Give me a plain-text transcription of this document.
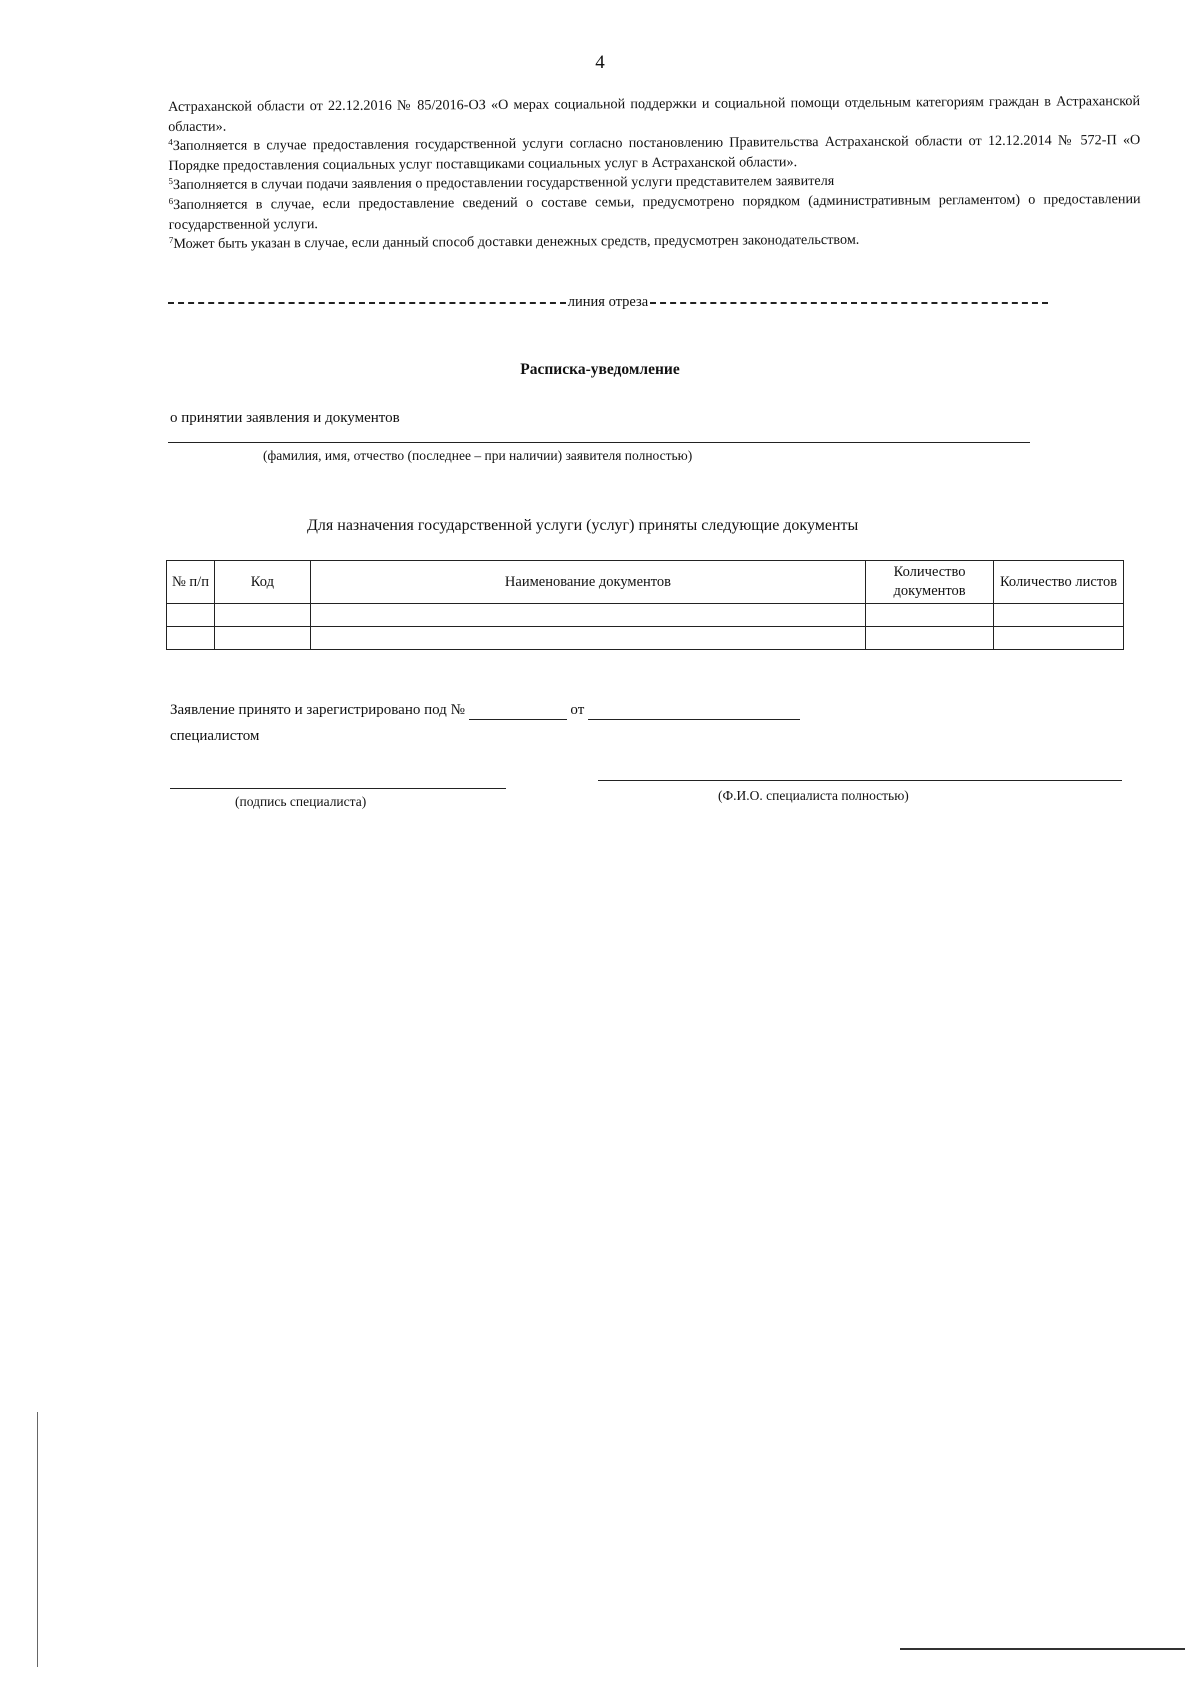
4

Астраханской области от 22.12.2016 № 85/2016-ОЗ «О мерах социальной поддержки и социальной помощи отдельным категориям граждан в Астраханской области».

$^4$Заполняется в случае предоставления государственной услуги согласно постановлению Правительства Астраханской области от 12.12.2014 № 572-П «О Порядке предоставления социальных услуг поставщиками социальных услуг в Астраханской области».

$^5$Заполняется в случаи подачи заявления о предоставлении государственной услуги представителем заявителя

$^6$Заполняется в случае, если предоставление сведений о составе семьи, предусмотрено порядком (административным регламентом) о предоставлении государственной услуги.

$^7$Может быть указан в случае, если данный способ доставки денежных средств, предусмотрен законодательством.

линия отреза
Расписка-уведомление
о принятии заявления и документов
(фамилия, имя, отчество (последнее – при наличии) заявителя полностью)
Для назначения государственной услуги (услуг) приняты следующие документы
№ п/п	Код	Наименование документов	Количество документов	Количество листов

Заявление принято и зарегистрировано под №	от
специалистом
(подпись специалиста)	(Ф.И.О. специалиста полностью)
